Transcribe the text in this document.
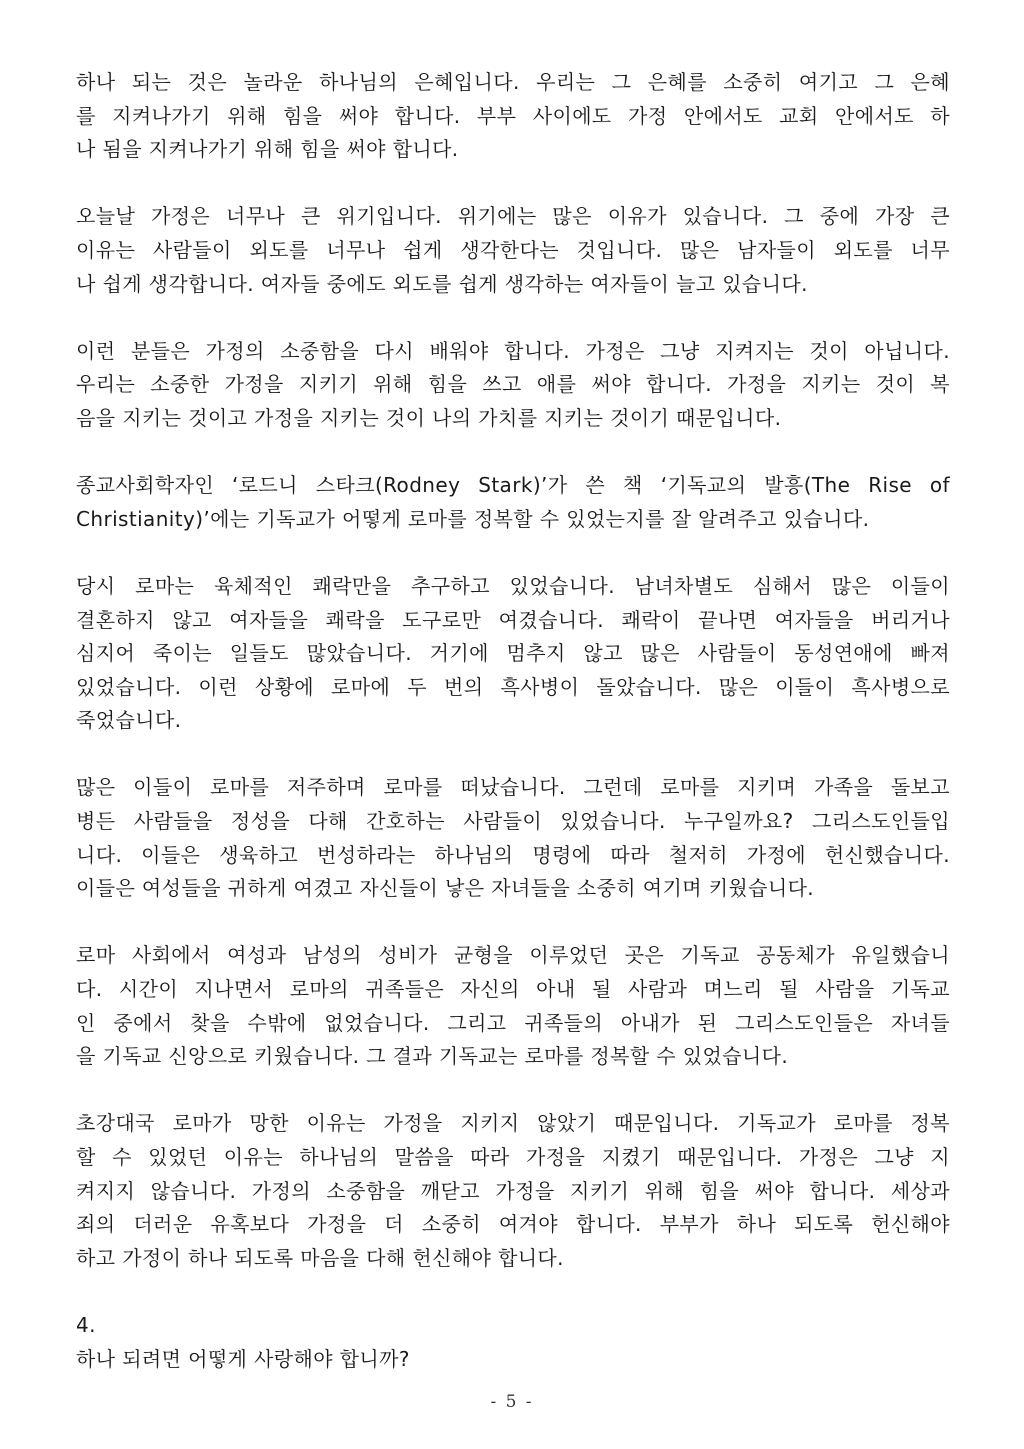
하나 되는 것은 놀라운 하나님의 은혜입니다. 우리는 그 은혜를 소중히 여기고 그 은혜
를 지켜나가기 위해 힘을 써야 합니다. 부부 사이에도 가정 안에서도 교회 안에서도 하
나 됨을 지켜나가기 위해 힘을 써야 합니다.
오늘날 가정은 너무나 큰 위기입니다. 위기에는 많은 이유가 있습니다. 그 중에 가장 큰
이유는 사람들이 외도를 너무나 쉽게 생각한다는 것입니다. 많은 남자들이 외도를 너무
나 쉽게 생각합니다. 여자들 중에도 외도를 쉽게 생각하는 여자들이 늘고 있습니다.
이런 분들은 가정의 소중함을 다시 배워야 합니다. 가정은 그냥 지켜지는 것이 아닙니다.
우리는 소중한 가정을 지키기 위해 힘을 쓰고 애를 써야 합니다. 가정을 지키는 것이 복
음을 지키는 것이고 가정을 지키는 것이 나의 가치를 지키는 것이기 때문입니다.
종교사회학자인 ‘로드니 스타크(Rodney Stark)’가 쓴 책 ‘기독교의 발흥(The Rise of
Christianity)’에는 기독교가 어떻게 로마를 정복할 수 있었는지를 잘 알려주고 있습니다.
당시 로마는 육체적인 쾌락만을 추구하고 있었습니다. 남녀차별도 심해서 많은 이들이
결혼하지 않고 여자들을 쾌락을 도구로만 여겼습니다. 쾌락이 끝나면 여자들을 버리거나
심지어 죽이는 일들도 많았습니다. 거기에 멈추지 않고 많은 사람들이 동성연애에 빠져
있었습니다. 이런 상황에 로마에 두 번의 흑사병이 돌았습니다. 많은 이들이 흑사병으로
죽었습니다.
많은 이들이 로마를 저주하며 로마를 떠났습니다. 그런데 로마를 지키며 가족을 돌보고
병든 사람들을 정성을 다해 간호하는 사람들이 있었습니다. 누구일까요? 그리스도인들입
니다. 이들은 생육하고 번성하라는 하나님의 명령에 따라 철저히 가정에 헌신했습니다.
이들은 여성들을 귀하게 여겼고 자신들이 낳은 자녀들을 소중히 여기며 키웠습니다.
로마 사회에서 여성과 남성의 성비가 균형을 이루었던 곳은 기독교 공동체가 유일했습니
다. 시간이 지나면서 로마의 귀족들은 자신의 아내 될 사람과 며느리 될 사람을 기독교
인 중에서 찾을 수밖에 없었습니다. 그리고 귀족들의 아내가 된 그리스도인들은 자녀들
을 기독교 신앙으로 키웠습니다. 그 결과 기독교는 로마를 정복할 수 있었습니다.
초강대국 로마가 망한 이유는 가정을 지키지 않았기 때문입니다. 기독교가 로마를 정복
할 수 있었던 이유는 하나님의 말씀을 따라 가정을 지켰기 때문입니다. 가정은 그냥 지
켜지지 않습니다. 가정의 소중함을 깨닫고 가정을 지키기 위해 힘을 써야 합니다. 세상과
죄의 더러운 유혹보다 가정을 더 소중히 여겨야 합니다. 부부가 하나 되도록 헌신해야
하고 가정이 하나 되도록 마음을 다해 헌신해야 합니다.
4.
하나 되려면 어떻게 사랑해야 합니까?
- 5 -
